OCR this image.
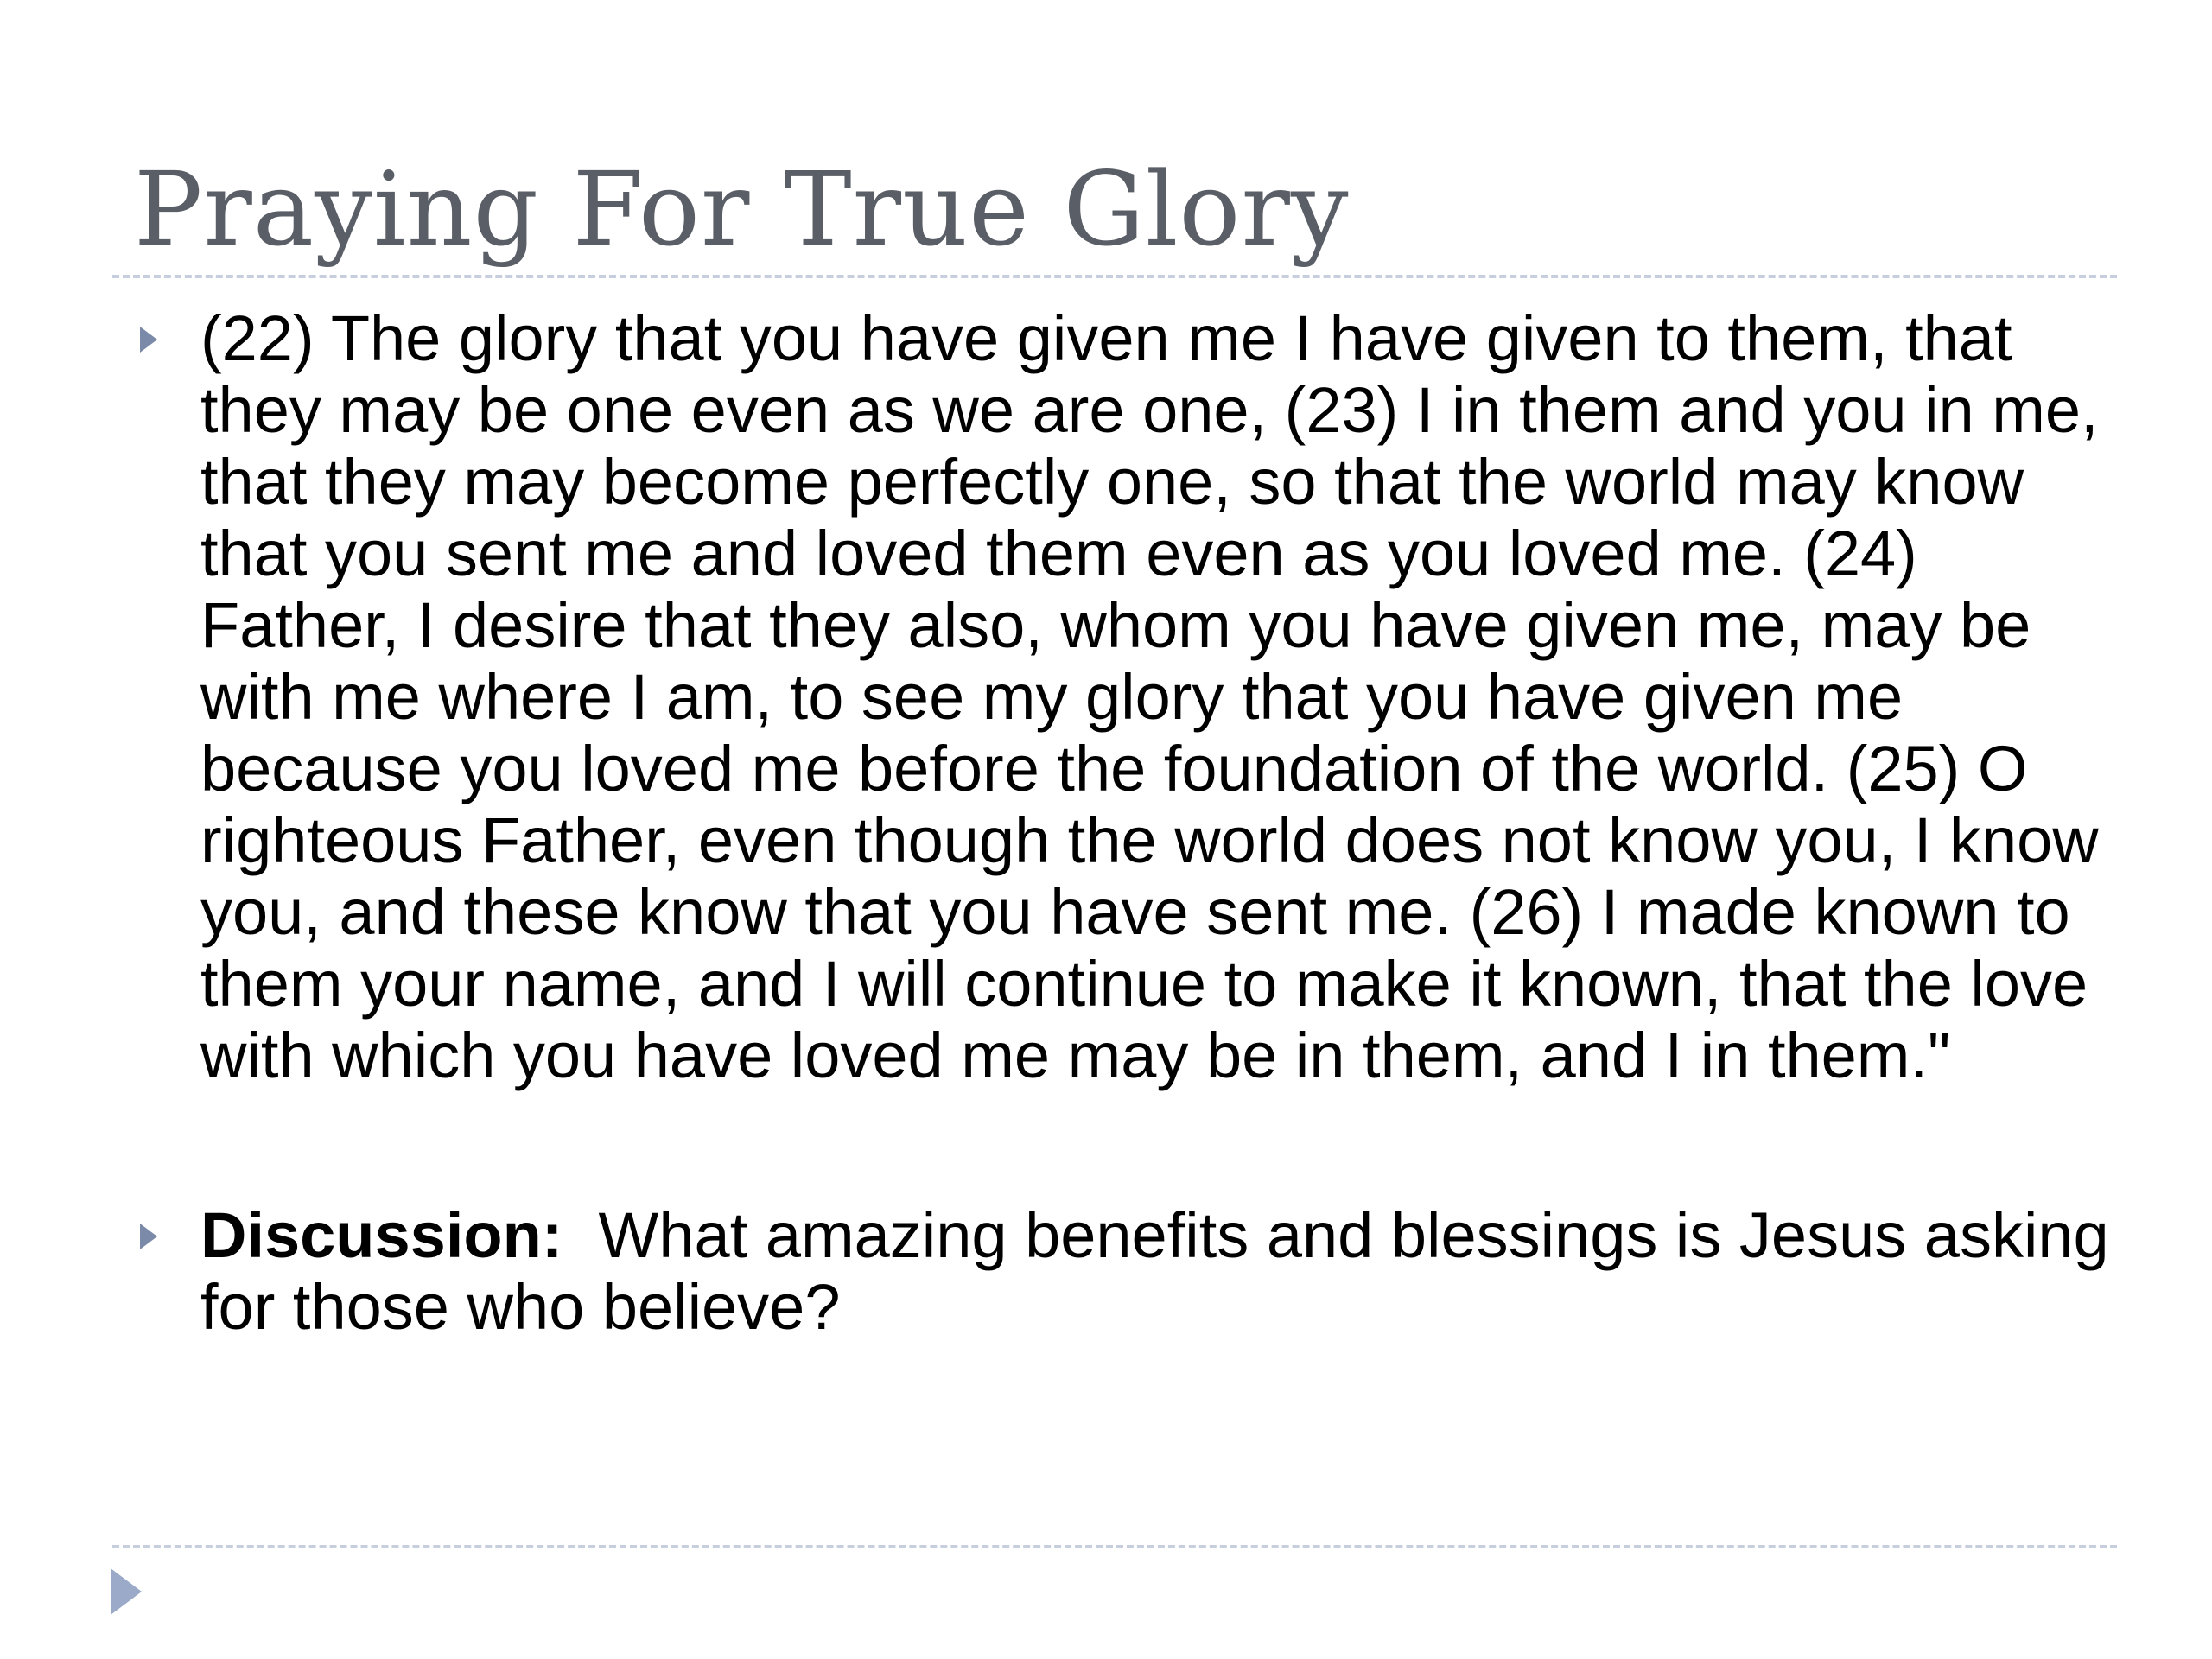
Praying For True Glory
(22) The glory that you have given me I have given to them, that they may be one even as we are one, (23) I in them and you in me, that they may become perfectly one, so that the world may know that you sent me and loved them even as you loved me. (24) Father, I desire that they also, whom you have given me, may be with me where I am, to see my glory that you have given me because you loved me before the foundation of the world. (25) O righteous Father, even though the world does not know you, I know you, and these know that you have sent me. (26) I made known to them your name, and I will continue to make it known, that the love with which you have loved me may be in them, and I in them."
Discussion:  What amazing benefits and blessings is Jesus asking for those who believe?
